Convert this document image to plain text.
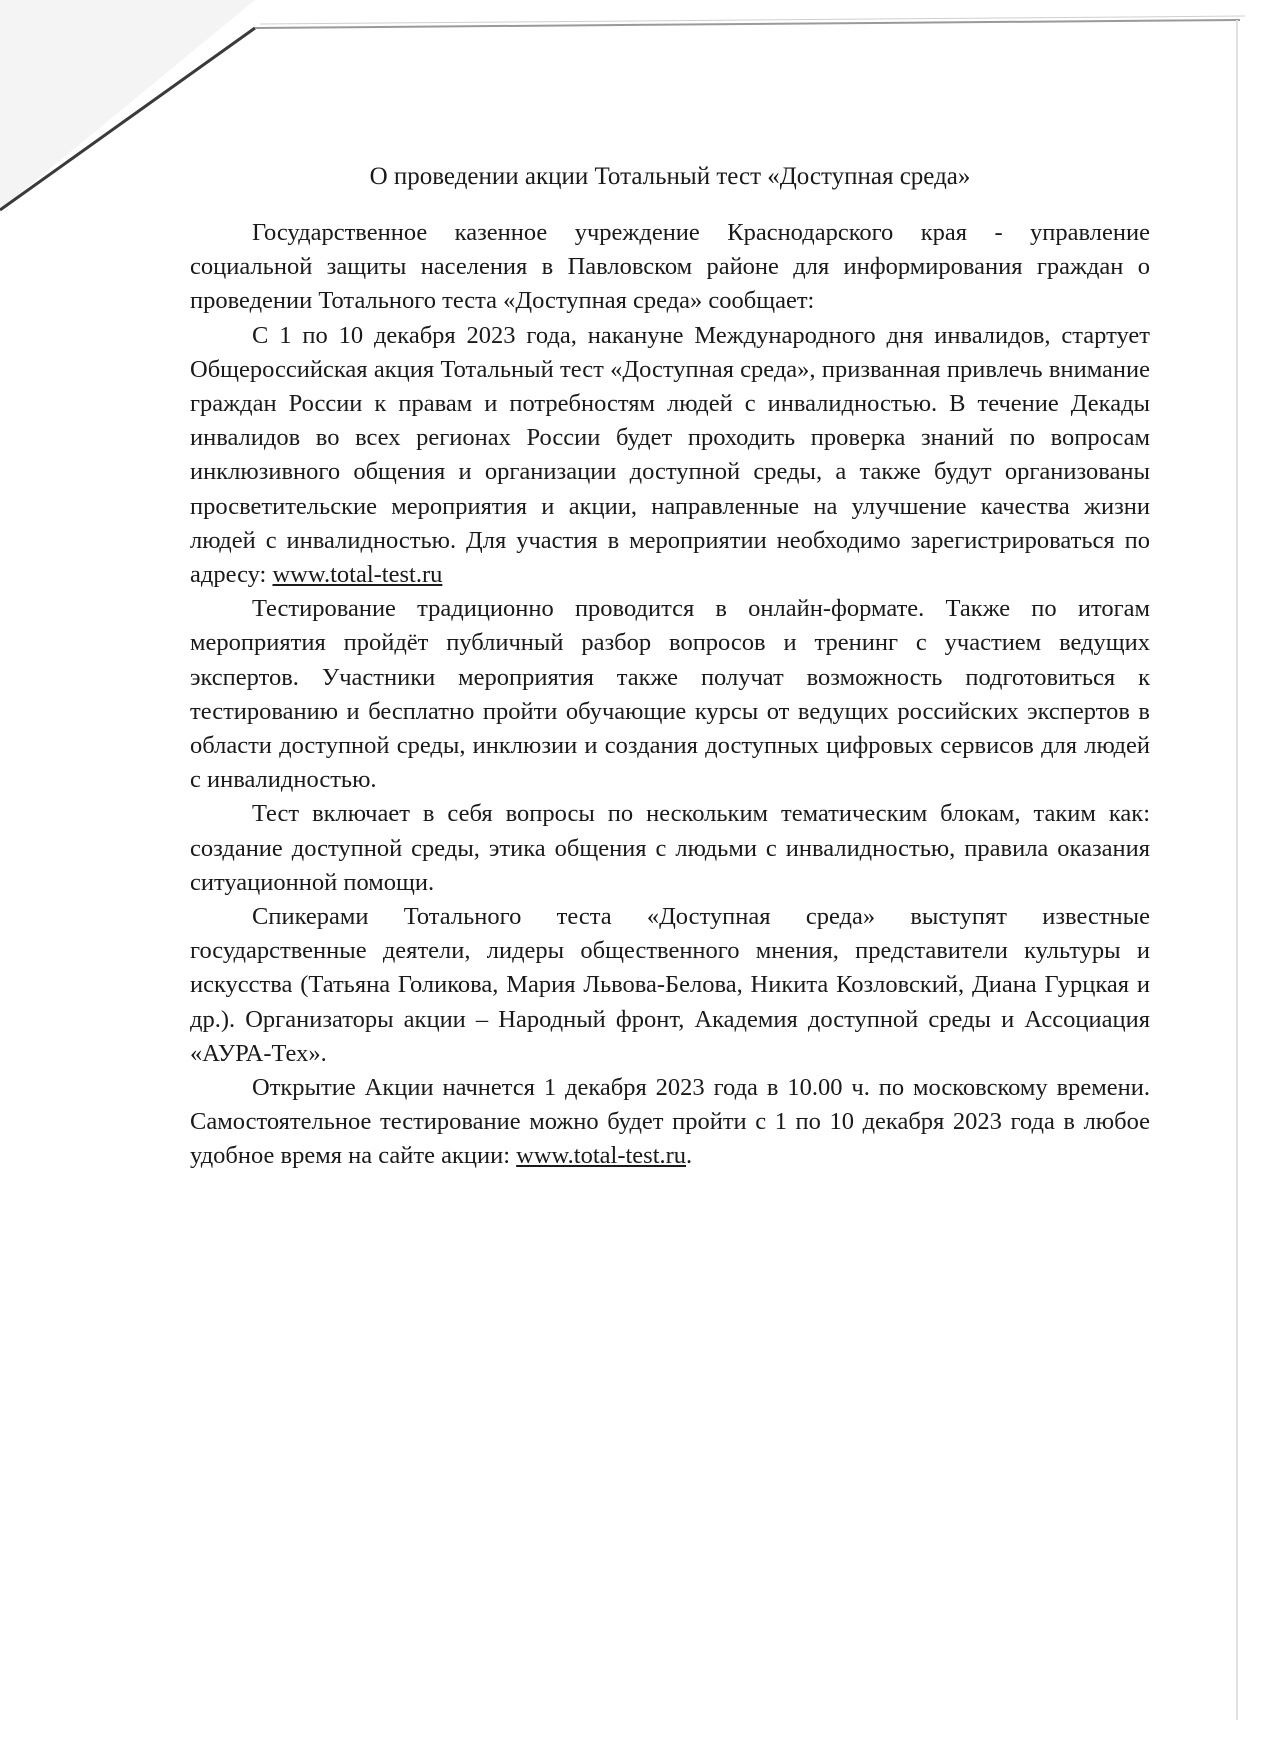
О проведении акции Тотальный тест «Доступная среда»

Государственное казенное учреждение Краснодарского края - управление социальной защиты населения в Павловском районе для информирования граждан о проведении Тотального теста «Доступная среда» сообщает:

С 1 по 10 декабря 2023 года, накануне Международного дня инвалидов, стартует Общероссийская акция Тотальный тест «Доступная среда», призванная привлечь внимание граждан России к правам и потребностям людей с инвалидностью. В течение Декады инвалидов во всех регионах России будет проходить проверка знаний по вопросам инклюзивного общения и организации доступной среды, а также будут организованы просветительские мероприятия и акции, направленные на улучшение качества жизни людей с инвалидностью. Для участия в мероприятии необходимо зарегистрироваться по адресу: www.total-test.ru

Тестирование традиционно проводится в онлайн-формате. Также по итогам мероприятия пройдёт публичный разбор вопросов и тренинг с участием ведущих экспертов. Участники мероприятия также получат возможность подготовиться к тестированию и бесплатно пройти обучающие курсы от ведущих российских экспертов в области доступной среды, инклюзии и создания доступных цифровых сервисов для людей с инвалидностью.

Тест включает в себя вопросы по нескольким тематическим блокам, таким как: создание доступной среды, этика общения с людьми с инвалидностью, правила оказания ситуационной помощи.

Спикерами Тотального теста «Доступная среда» выступят известные государственные деятели, лидеры общественного мнения, представители культуры и искусства (Татьяна Голикова, Мария Львова-Белова, Никита Козловский, Диана Гурцкая и др.). Организаторы акции – Народный фронт, Академия доступной среды и Ассоциация «АУРА-Тех».

Открытие Акции начнется 1 декабря 2023 года в 10.00 ч. по московскому времени. Самостоятельное тестирование можно будет пройти с 1 по 10 декабря 2023 года в любое удобное время на сайте акции: www.total-test.ru.
